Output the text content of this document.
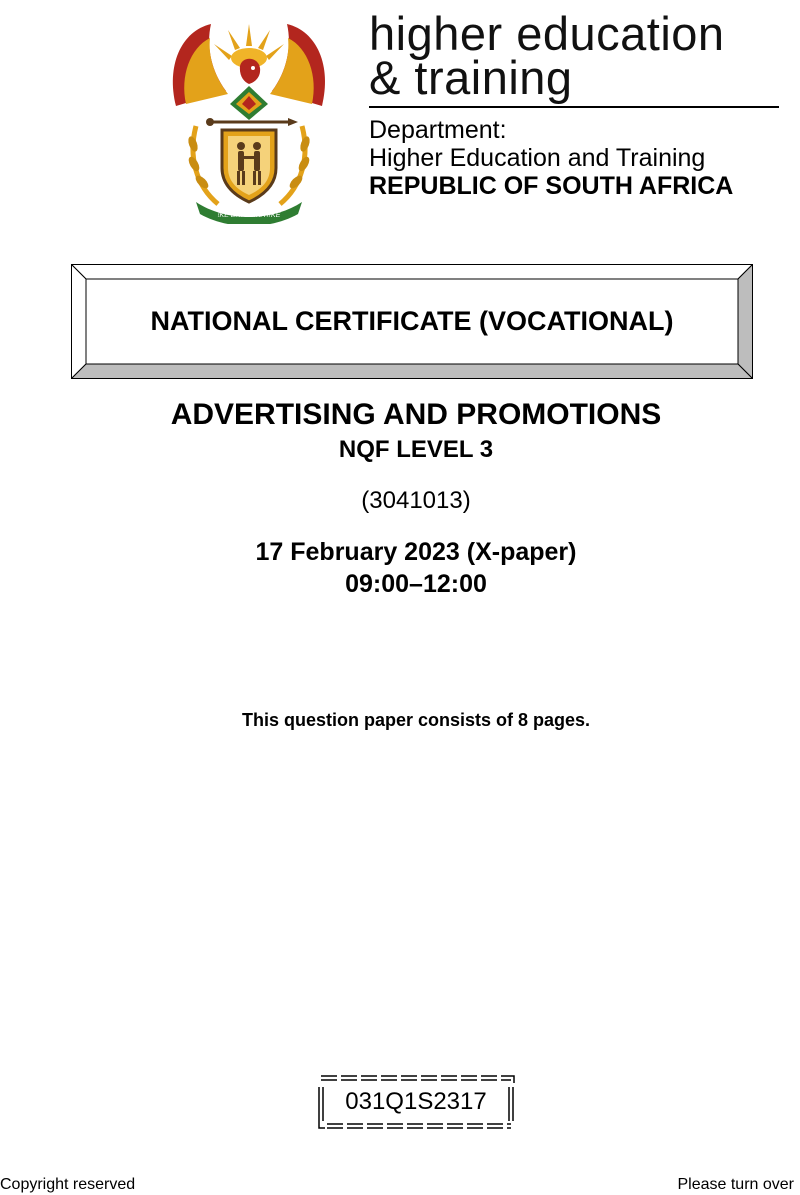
!KE E: /XARRA //KE
higher education
& training
Department:
Higher Education and Training
REPUBLIC OF SOUTH AFRICA
NATIONAL CERTIFICATE (VOCATIONAL)
ADVERTISING AND PROMOTIONS
NQF LEVEL 3
(3041013)
17 February 2023 (X-paper)
09:00–12:00
This question paper consists of 8 pages.
031Q1S2317
Copyright reserved	Please turn over
